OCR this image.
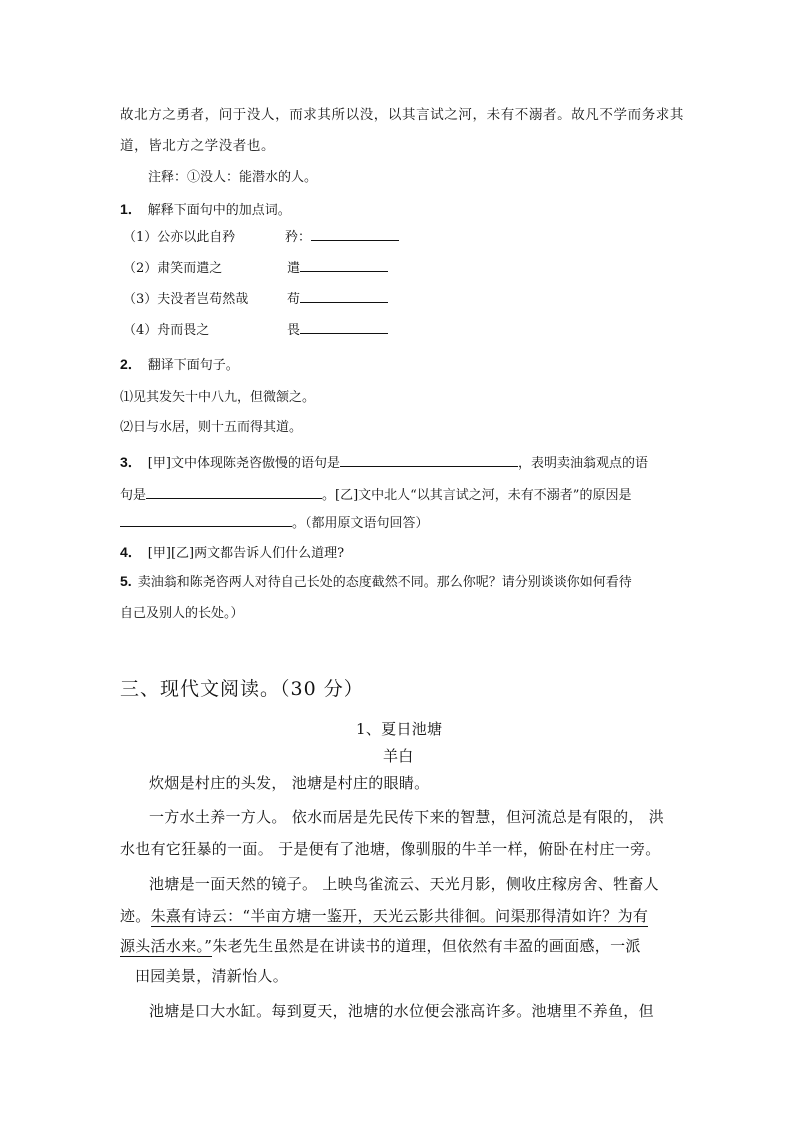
故北方之勇者，问于没人，而求其所以没，以其言试之河，未有不溺者。故凡不学而务求其
道，皆北方之学没者也。
注释：①没人：能潜水的人。
1． 解释下面句中的加点词。
（1）公亦以此自矜	矜：
（2）肃笑而遣之	遣
（3）夫没者岂苟然哉	苟
（4）舟而畏之	畏
2． 翻译下面句子。
⑴见其发矢十中八九，但微颔之。
⑵日与水居，则十五而得其道。
3． [甲]文中体现陈尧咨傲慢的语句是	，表明卖油翁观点的语
句是	。[乙]文中北人“以其言试之河，未有不溺者”的原因是
。（都用原文语句回答）
4． [甲][乙]两文都告诉人们什么道理?
5. 卖油翁和陈尧咨两人对待自己长处的态度截然不同。那么你呢？请分别谈谈你如何看待
自己及别人的长处。）
三、现代文阅读。（30 分）
1、夏日池塘
羊白
炊烟是村庄的头发， 池塘是村庄的眼睛。
一方水土养一方人。 依水而居是先民传下来的智慧，但河流总是有限的， 洪
水也有它狂暴的一面。 于是便有了池塘，像驯服的牛羊一样，俯卧在村庄一旁。
池塘是一面天然的镜子。 上映鸟雀流云、天光月影，侧收庄稼房舍、牲畜人
迹。朱熹有诗云：“半亩方塘一鉴开，天光云影共徘徊。问渠那得清如许？为有
源头活水来。”朱老先生虽然是在讲读书的道理，但依然有丰盈的画面感，一派
田园美景，清新怡人。
池塘是口大水缸。每到夏天，池塘的水位便会涨高许多。池塘里不养鱼，但
